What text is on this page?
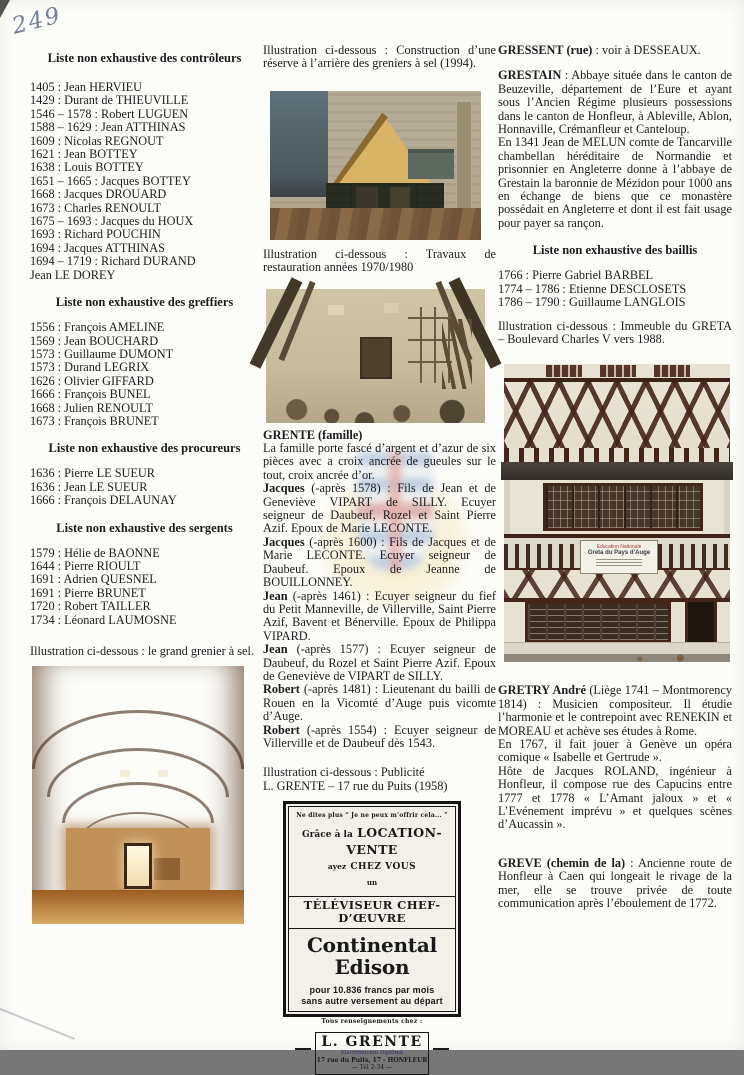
249
Liste non exhaustive des contrôleurs
1405 : Jean HERVIEU
1429 : Durant de THIEUVILLE
1546 – 1578 : Robert LUGUEN
1588 – 1629 : Jean ATTHINAS
1609 : Nicolas REGNOUT
1621 : Jean BOTTEY
1638 : Louis BOTTEY
1651 – 1665 : Jacques BOTTEY
1668 : Jacques DROUARD
1673 : Charles RENOULT
1675 – 1693 : Jacques du HOUX
1693 : Richard POUCHIN
1694 : Jacques ATTHINAS
1694 – 1719 : Richard DURAND
Jean LE DOREY
Liste non exhaustive des greffiers
1556 : François AMELINE
1569 : Jean BOUCHARD
1573 : Guillaume DUMONT
1573 : Durand LEGRIX
1626 : Olivier GIFFARD
1666 : François BUNEL
1668 : Julien RENOULT
1673 : François BRUNET
Liste non exhaustive des procureurs
1636 : Pierre LE SUEUR
1636 : Jean LE SUEUR
1666 : François DELAUNAY
Liste non exhaustive des sergents
1579 : Hélie de BAONNE
1644 : Pierre RIOULT
1691 : Adrien QUESNEL
1691 : Pierre BRUNET
1720 : Robert TAILLER
1734 : Léonard LAUMOSNE

Illustration ci-dessous : le grand grenier à sel.

Illustration ci-dessous : Construction d’une réserve à l’arrière des greniers à sel (1994).

Illustration ci-dessous : Travaux de restauration années 1970/1980

GRENTE (famille)

La famille porte fascé d’argent et d’azur de six pièces avec a croix ancrée de gueules sur le tout, croix ancrée d’or.

Jacques (-après 1578) : Fils de Jean et de Geneviève VIPART de SILLY. Ecuyer seigneur de Daubeuf, Rozel et Saint Pierre Azif. Epoux de Marie LECONTE.

Jacques (-après 1600) : Fils de Jacques et de Marie LECONTE. Ecuyer seigneur de Daubeuf. Epoux de Jeanne de BOUILLONNEY.

Jean (-après 1461) : Ecuyer seigneur du fief du Petit Manneville, de Villerville, Saint Pierre Azif, Bavent et Bénerville. Epoux de Philippa VIPARD.

Jean (-après 1577) : Ecuyer seigneur de Daubeuf, du Rozel et Saint Pierre Azif. Epoux de Geneviève de VIPART de SILLY.

Robert (-après 1481) : Lieutenant du bailli de Rouen en la Vicomté d’Auge puis vicomte d’Auge.

Robert (-après 1554) : Ecuyer seigneur de Villerville et de Daubeuf dès 1543.

Illustration ci-dessous : Publicité

L. GRENTE – 17 rue du Puits (1958)

Ne dites plus “ Je ne peux m’offrir cela... ”
Grâce à la LOCATION-VENTE
ayez CHEZ VOUS
un
TÉLÉVISEUR CHEF-D’ŒUVRE
Continental Edison
pour 10.836 francs par mois
sans autre versement au départ
Tous renseignements chez :
L. GRENTE
Electronicien Diplômé
17 rue du Puits, 17 - HONFLEUR
— Tél 2-34 —

GRESSENT (rue) : voir à DESSEAUX.

GRESTAIN : Abbaye située dans le canton de Beuzeville, département de l’Eure et ayant sous l’Ancien Régime plusieurs possessions dans le canton de Honfleur, à Ableville, Ablon, Honnaville, Crémanfleur et Canteloup.

En 1341 Jean de MELUN comte de Tancarville chambellan héréditaire de Normandie et prisonnier en Angleterre donne à l’abbaye de Grestain la baronnie de Mézidon pour 1000 ans en échange de biens que ce monastère possédait en Angleterre et dont il est fait usage pour payer sa rançon.

Liste non exhaustive des baillis
1766 : Pierre Gabriel BARBEL
1774 – 1786 : Etienne DESCLOSETS
1786 – 1790 : Guillaume LANGLOIS

Illustration ci-dessous : Immeuble du GRETA – Boulevard Charles V vers 1988.

Education Nationale
Greta du Pays d’Auge

GRETRY André (Liège 1741 – Montmorency 1814) : Musicien compositeur. Il étudie l’harmonie et le contrepoint avec RENEKIN et MOREAU et achève ses études à Rome.

En 1767, il fait jouer à Genève un opéra comique « Isabelle et Gertrude ».

Hôte de Jacques ROLAND, ingénieur à Honfleur, il compose rue des Capucins entre 1777 et 1778 « L’Amant jaloux » et « L’Evénement imprévu » et quelques scènes d’Aucassin ».

GREVE (chemin de la) : Ancienne route de Honfleur à Caen qui longeait le rivage de la mer, elle se trouve privée de toute communication après l’éboulement de 1772.
